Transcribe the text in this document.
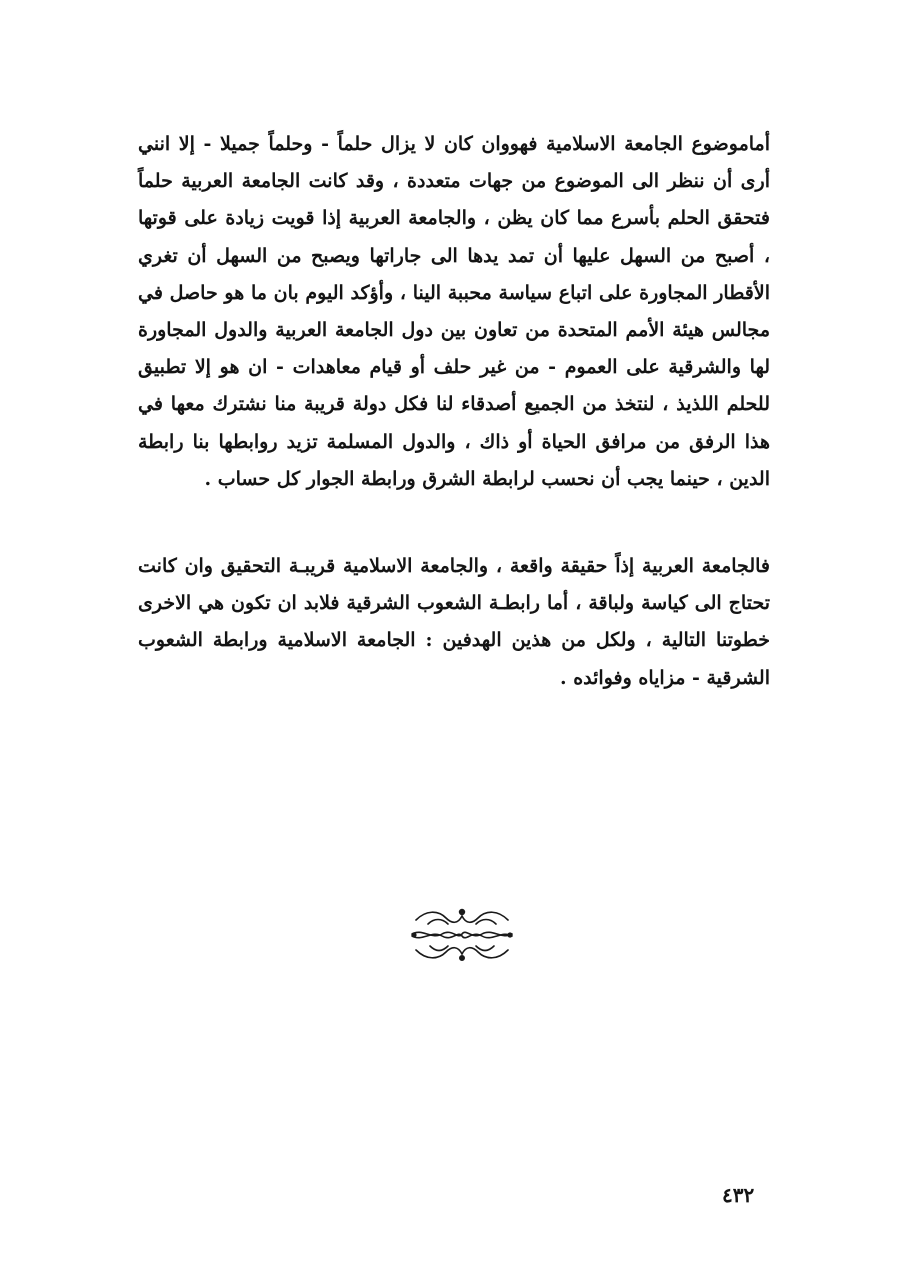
أماموضوع الجامعة الاسلامية فهووان كان لا يزال حلماً - وحلماً جميلا - إلا انني أرى أن ننظر الى الموضوع من جهات متعددة ، وقد كانت الجامعة العربية حلماً فتحقق الحلم بأسرع مما كان يظن ، والجامعة العربية إذا قويت زيادة على قوتها ، أصبح من السهل عليها أن تمد يدها الى جاراتها ويصبح من السهل أن تغري الأقطار المجاورة على اتباع سياسة محببة الينا ، وأؤكد اليوم بان ما هو حاصل في مجالس هيئة الأمم المتحدة من تعاون بين دول الجامعة العربية والدول المجاورة لها والشرقية على العموم - من غير حلف أو قيام معاهدات - ان هو إلا تطبيق للحلم اللذيذ ، لنتخذ من الجميع أصدقاء لنا فكل دولة قريبة منا نشترك معها في هذا الرفق من مرافق الحياة أو ذاك ، والدول المسلمة تزيد روابطها بنا رابطة الدين ، حينما يجب أن نحسب لرابطة الشرق ورابطة الجوار كل حساب .

فالجامعة العربية إذاً حقيقة واقعة ، والجامعة الاسلامية قريبـة التحقيق وان كانت تحتاج الى كياسة ولباقة ، أما رابطـة الشعوب الشرقية فلابد ان تكون هي الاخرى خطوتنا التالية ، ولكل من هذين الهدفين : الجامعة الاسلامية ورابطة الشعوب الشرقية - مزاياه وفوائده .

٤٣٢
